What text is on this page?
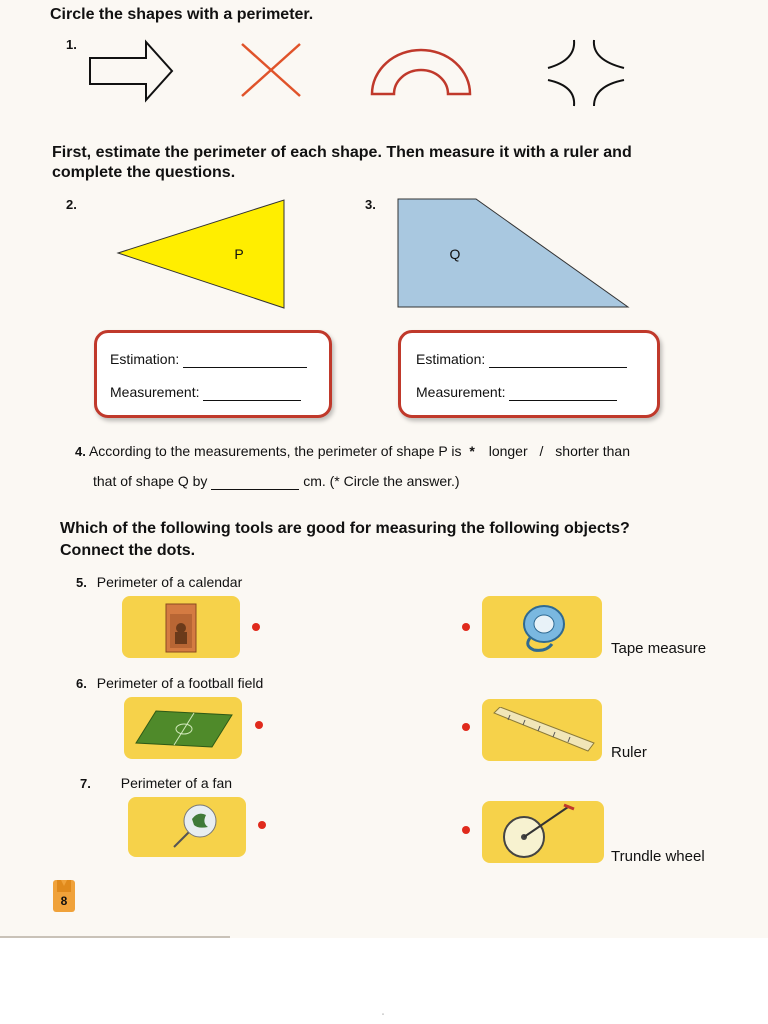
Circle the shapes with a perimeter.
1.
First, estimate the perimeter of each shape. Then measure it with a ruler and
complete the questions.
2.	3.
P	Q
Estimation:
Measurement:
Estimation:
Measurement:
4. According to the measurements, the perimeter of shape P is * longer / shorter than
that of shape Q by	cm. (* Circle the answer.)
Which of the following tools are good for measuring the following objects?
Connect the dots.
5. Perimeter of a calendar
6. Perimeter of a football field
7. Perimeter of a fan
Tape measure
Ruler
Trundle wheel
8
"
